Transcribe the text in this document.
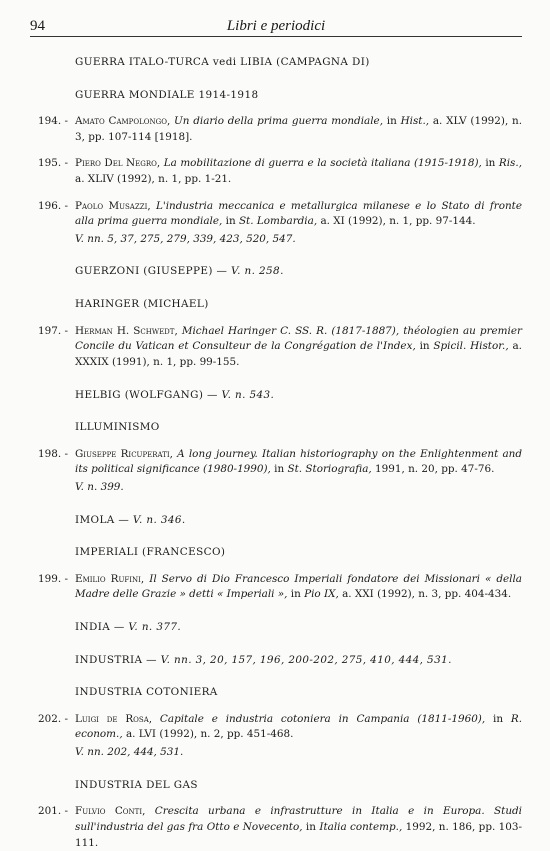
94	Libri e periodici
GUERRA ITALO-TURCA vedi LIBIA (CAMPAGNA DI)
GUERRA MONDIALE 1914-1918
194. - Amato Campolongo, Un diario della prima guerra mondiale, in Hist., a. XLV (1992), n. 3, pp. 107-114 [1918].
195. - Piero Del Negro, La mobilitazione di guerra e la società italiana (1915-1918), in Ris., a. XLIV (1992), n. 1, pp. 1-21.
196. - Paolo Musazzi, L'industria meccanica e metallurgica milanese e lo Stato di fronte alla prima guerra mondiale, in St. Lombardia, a. XI (1992), n. 1, pp. 97-144.
V. nn. 5, 37, 275, 279, 339, 423, 520, 547.
GUERZONI (GIUSEPPE) — V. n. 258.
HARINGER (MICHAEL)
197. - Herman H. Schwedt, Michael Haringer C. SS. R. (1817-1887), théologien au premier Concile du Vatican et Consulteur de la Congrégation de l'Index, in Spicil. Histor., a. XXXIX (1991), n. 1, pp. 99-155.
HELBIG (WOLFGANG) — V. n. 543.
ILLUMINISMO
198. - Giuseppe Ricuperati, A long journey. Italian historiography on the Enlightenment and its political significance (1980-1990), in St. Storiografia, 1991, n. 20, pp. 47-76.
V. n. 399.
IMOLA — V. n. 346.
IMPERIALI (FRANCESCO)
199. - Emilio Rufini, Il Servo di Dio Francesco Imperiali fondatore dei Missionari « della Madre delle Grazie » detti « Imperiali », in Pio IX, a. XXI (1992), n. 3, pp. 404-434.
INDIA — V. n. 377.
INDUSTRIA — V. nn. 3, 20, 157, 196, 200-202, 275, 410, 444, 531.
INDUSTRIA COTONIERA
202. - Luigi de Rosa, Capitale e industria cotoniera in Campania (1811-1960), in R. econom., a. LVI (1992), n. 2, pp. 451-468.
V. nn. 202, 444, 531.
INDUSTRIA DEL GAS
201. - Fulvio Conti, Crescita urbana e infrastrutture in Italia e in Europa. Studi sull'industria del gas fra Otto e Novecento, in Italia contemp., 1992, n. 186, pp. 103-111.
